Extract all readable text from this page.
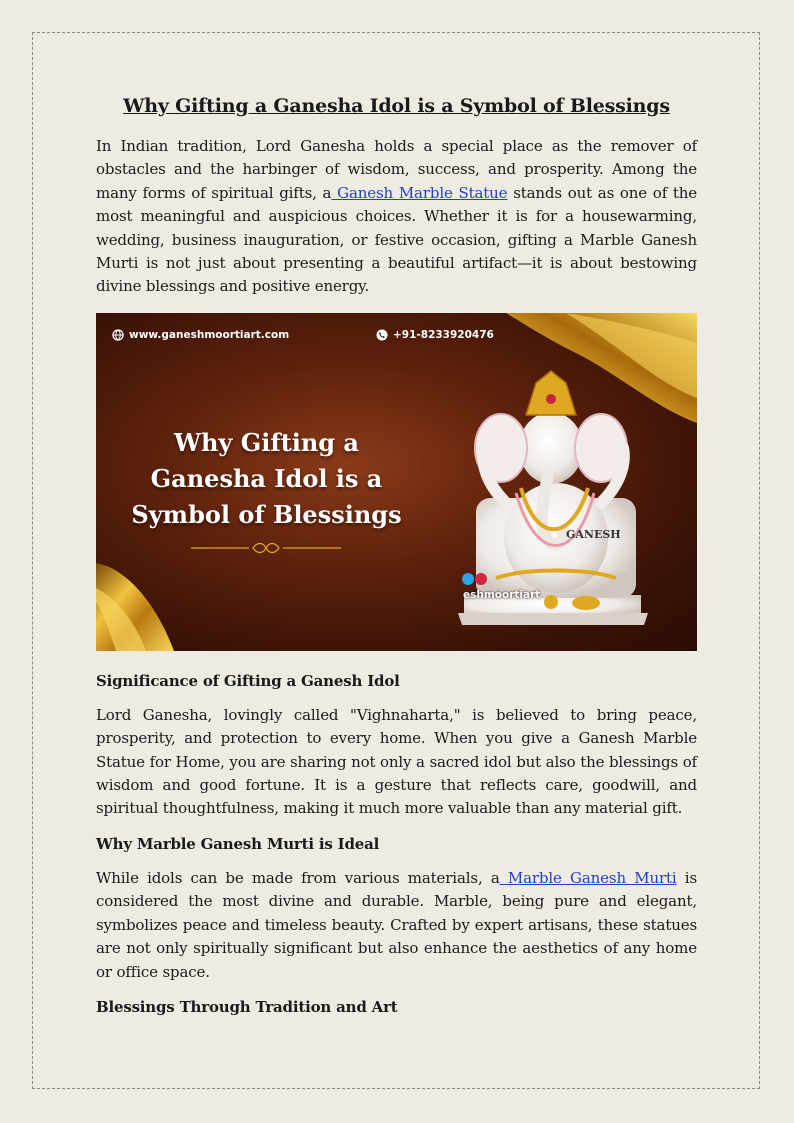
Why Gifting a Ganesha Idol is a Symbol of Blessings

In Indian tradition, Lord Ganesha holds a special place as the remover of obstacles and the harbinger of wisdom, success, and prosperity. Among the many forms of spiritual gifts, a Ganesh Marble Statue stands out as one of the most meaningful and auspicious choices. Whether it is for a housewarming, wedding, business inauguration, or festive occasion, gifting a Marble Ganesh Murti is not just about presenting a beautiful artifact—it is about bestowing divine blessings and positive energy.

www.ganeshmoortiart.com	+91-8233920476
Why Gifting a Ganesha Idol is a Symbol of Blessings
GANESH
eshmoortiart
Significance of Gifting a Ganesh Idol

Lord Ganesha, lovingly called "Vighnaharta," is believed to bring peace, prosperity, and protection to every home. When you give a Ganesh Marble Statue for Home, you are sharing not only a sacred idol but also the blessings of wisdom and good fortune. It is a gesture that reflects care, goodwill, and spiritual thoughtfulness, making it much more valuable than any material gift.

Why Marble Ganesh Murti is Ideal

While idols can be made from various materials, a Marble Ganesh Murti is considered the most divine and durable. Marble, being pure and elegant, symbolizes peace and timeless beauty. Crafted by expert artisans, these statues are not only spiritually significant but also enhance the aesthetics of any home or office space.

Blessings Through Tradition and Art
